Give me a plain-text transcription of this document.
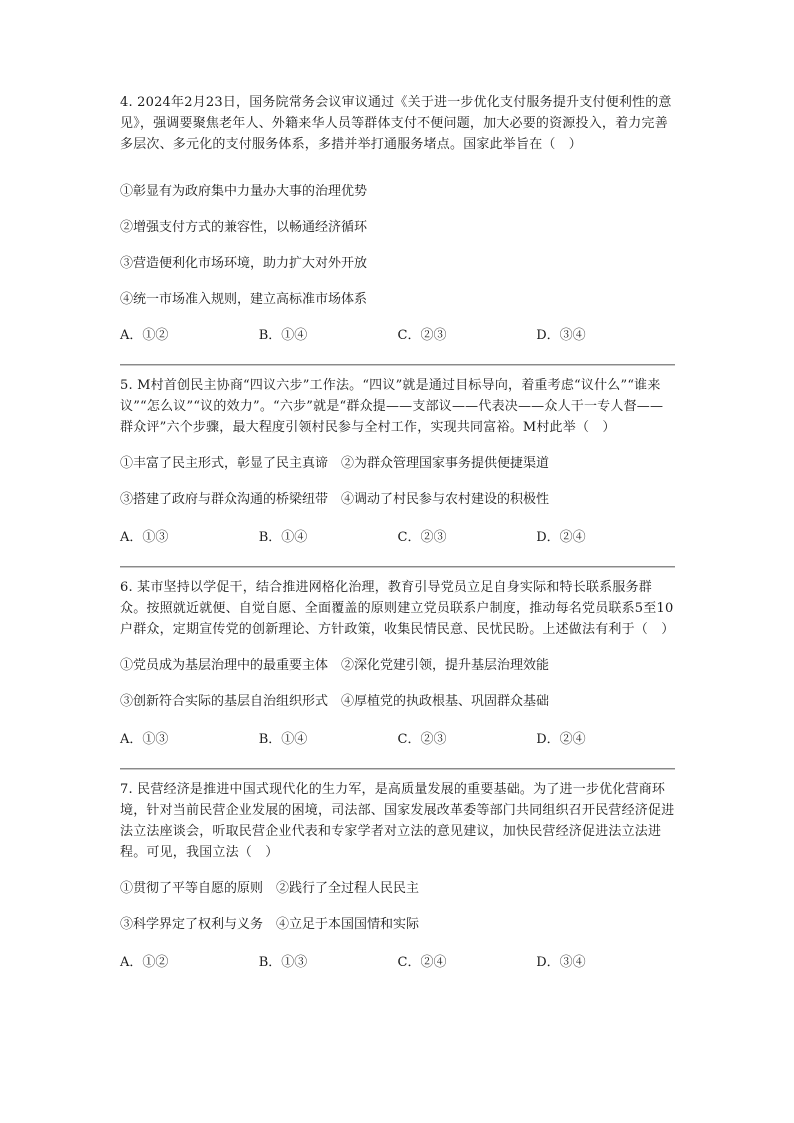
4. 2024年2月23日，国务院常务会议审议通过《关于进一步优化支付服务提升支付便利性的意见》，强调要聚焦老年人、外籍来华人员等群体支付不便问题，加大必要的资源投入，着力完善多层次、多元化的支付服务体系，多措并举打通服务堵点。国家此举旨在（　）

①彰显有为政府集中力量办大事的治理优势

②增强支付方式的兼容性，以畅通经济循环

③营造便利化市场环境，助力扩大对外开放

④统一市场准入规则，建立高标准市场体系

A．①②	B．①④	C．②③	D．③④

5. M村首创民主协商“四议六步”工作法。“四议”就是通过目标导向，着重考虑“议什么”“谁来议”“怎么议”“议的效力”。“六步”就是“群众提——支部议——代表决——众人干一专人督——群众评”六个步骤，最大程度引领村民参与全村工作，实现共同富裕。M村此举（　）

①丰富了民主形式，彰显了民主真谛　②为群众管理国家事务提供便捷渠道

③搭建了政府与群众沟通的桥梁纽带　④调动了村民参与农村建设的积极性

A．①③	B．①④	C．②③	D．②④

6. 某市坚持以学促干，结合推进网格化治理，教育引导党员立足自身实际和特长联系服务群众。按照就近就便、自觉自愿、全面覆盖的原则建立党员联系户制度，推动每名党员联系5至10户群众，定期宣传党的创新理论、方针政策，收集民情民意、民忧民盼。上述做法有利于（　）

①党员成为基层治理中的最重要主体　②深化党建引领，提升基层治理效能

③创新符合实际的基层自治组织形式　④厚植党的执政根基、巩固群众基础

A．①③	B．①④	C．②③	D．②④

7. 民营经济是推进中国式现代化的生力军，是高质量发展的重要基础。为了进一步优化营商环境，针对当前民营企业发展的困境，司法部、国家发展改革委等部门共同组织召开民营经济促进法立法座谈会，听取民营企业代表和专家学者对立法的意见建议，加快民营经济促进法立法进程。可见，我国立法（　）

①贯彻了平等自愿的原则　②践行了全过程人民民主

③科学界定了权利与义务　④立足于本国国情和实际

A．①②	B．①③	C．②④	D．③④
